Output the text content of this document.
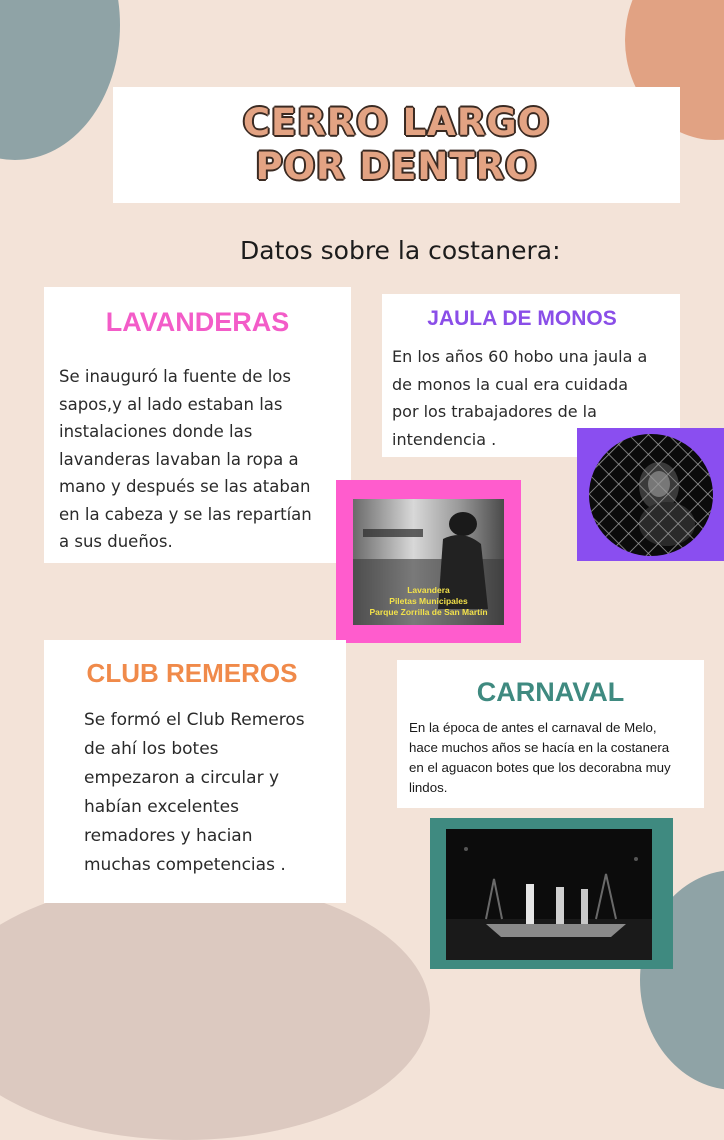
CERRO LARGO
POR DENTRO
Datos sobre la costanera:
LAVANDERAS
Se inauguró la fuente de los
sapos,y al lado estaban las
instalaciones donde las
lavanderas lavaban la ropa a
mano y después se las ataban
en la cabeza y se las repartían
a sus dueños.
JAULA DE MONOS
En los años 60 hobo una jaula a
de monos la cual era cuidada
por los trabajadores de la
intendencia .
Lavandera
Piletas Municipales
Parque Zorrilla de San Martín
CLUB REMEROS
Se formó el Club Remeros
de ahí los botes
empezaron a circular y
habían excelentes
remadores y hacian
muchas competencias .
CARNAVAL
En la época de antes el carnaval de Melo,
hace muchos años se hacía en la costanera
en el aguacon botes que los decorabna muy
lindos.
